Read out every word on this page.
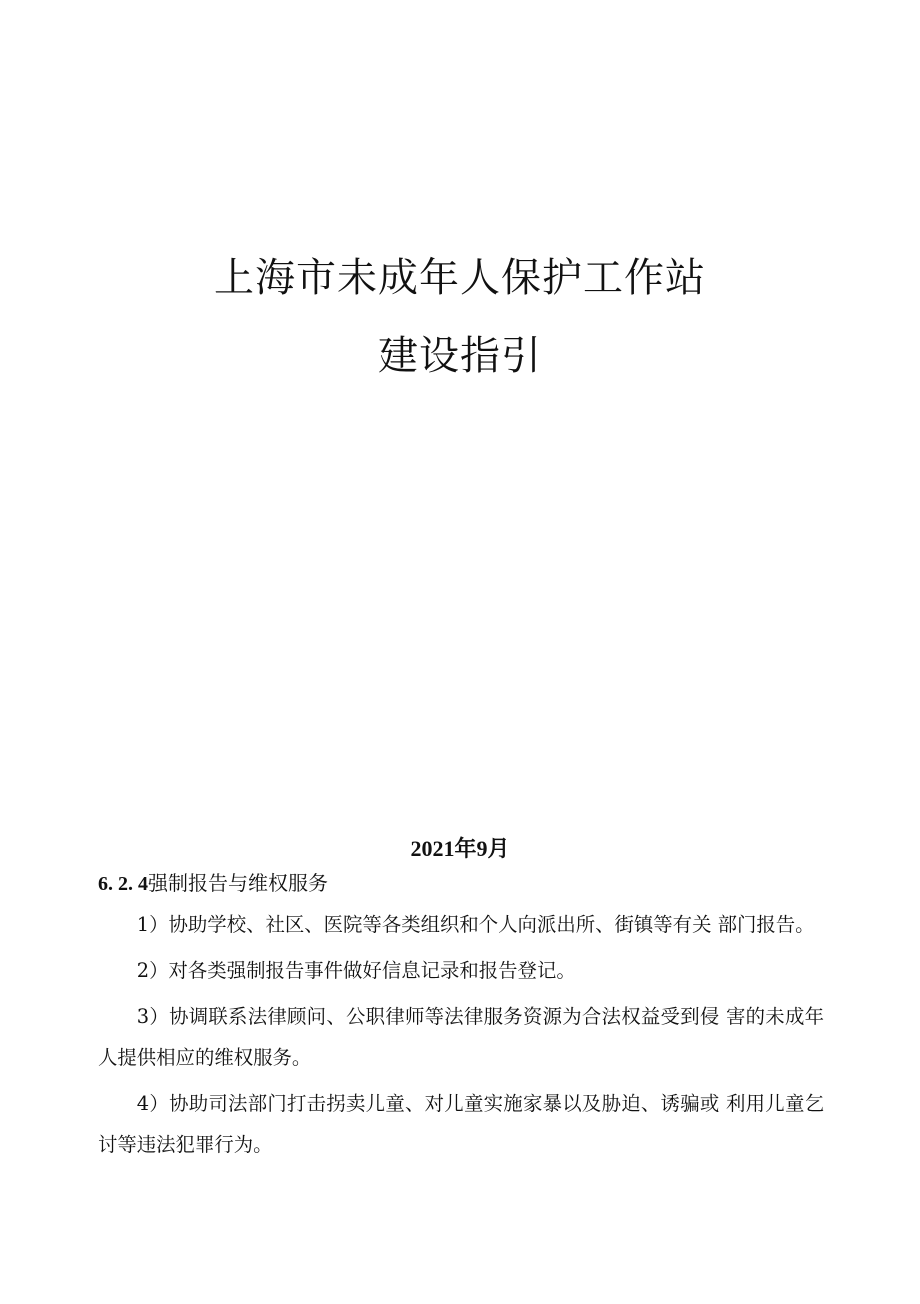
上海市未成年人保护工作站
建设指引
2021年9月
6. 2. 4强制报告与维权服务

1）协助学校、社区、医院等各类组织和个人向派出所、街镇等有关 部门报告。

2）对各类强制报告事件做好信息记录和报告登记。

3）协调联系法律顾问、公职律师等法律服务资源为合法权益受到侵 害的未成年人提供相应的维权服务。

4）协助司法部门打击拐卖儿童、对儿童实施家暴以及胁迫、诱骗或 利用儿童乞讨等违法犯罪行为。
